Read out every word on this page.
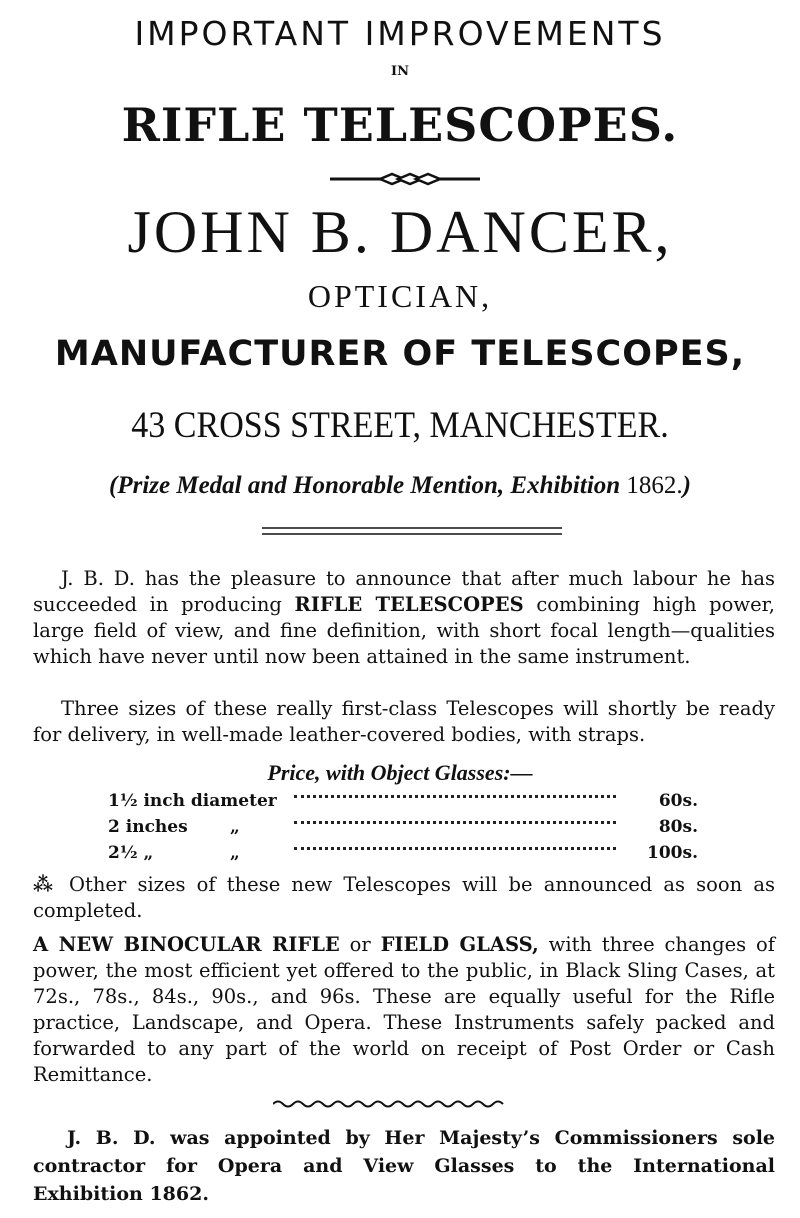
IMPORTANT IMPROVEMENTS
IN
RIFLE TELESCOPES.
JOHN B. DANCER,
OPTICIAN,
MANUFACTURER OF TELESCOPES,
43 CROSS STREET, MANCHESTER.
(Prize Medal and Honorable Mention, Exhibition 1862.)
J. B. D. has the pleasure to announce that after much labour he has succeeded in producing RIFLE TELESCOPES combining high power, large field of view, and fine definition, with short focal length—qualities which have never until now been attained in the same instrument.
Three sizes of these really first-class Telescopes will shortly be ready for delivery, in well-made leather-covered bodies, with straps.
Price, with Object Glasses:—
1½ inch diameter	60s.
2 inches „	80s.
2½ „	„	100s.
⁂ Other sizes of these new Telescopes will be announced as soon as completed.
A NEW BINOCULAR RIFLE or FIELD GLASS, with three changes of power, the most efficient yet offered to the public, in Black Sling Cases, at 72s., 78s., 84s., 90s., and 96s. These are equally useful for the Rifle practice, Landscape, and Opera. These Instruments safely packed and forwarded to any part of the world on receipt of Post Order or Cash Remittance.
J. B. D. was appointed by Her Majesty’s Commissioners sole contractor for Opera and View Glasses to the International Exhibition 1862.
